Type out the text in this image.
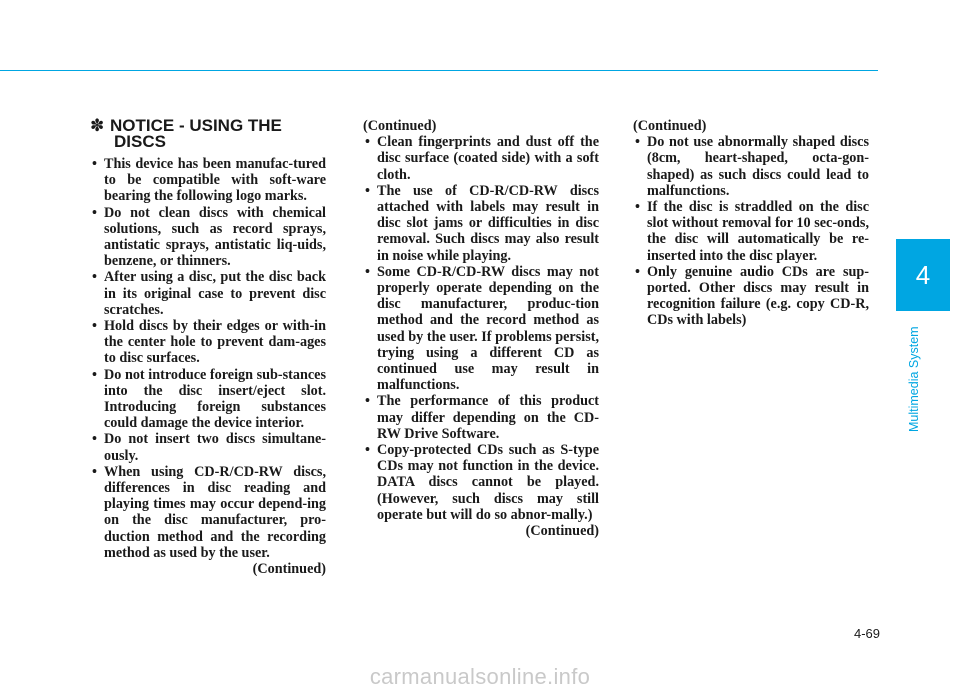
✽ NOTICE - USING THE DISCS
• This device has been manufac-tured to be compatible with soft-ware bearing the following logo marks.
• Do not clean discs with chemical solutions, such as record sprays, antistatic sprays, antistatic liq-uids, benzene, or thinners.
• After using a disc, put the disc back in its original case to prevent disc scratches.
• Hold discs by their edges or with-in the center hole to prevent dam-ages to disc surfaces.
• Do not introduce foreign sub-stances into the disc insert/eject slot. Introducing foreign substances could damage the device interior.
• Do not insert two discs simultane-ously.
• When using CD-R/CD-RW discs, differences in disc reading and playing times may occur depend-ing on the disc manufacturer, pro-duction method and the recording method as used by the user.
(Continued)
(Continued)
• Clean fingerprints and dust off the disc surface (coated side) with a soft cloth.
• The use of CD-R/CD-RW discs attached with labels may result in disc slot jams or difficulties in disc removal. Such discs may also result in noise while playing.
• Some CD-R/CD-RW discs may not properly operate depending on the disc manufacturer, produc-tion method and the record method as used by the user. If problems persist, trying using a different CD as continued use may result in malfunctions.
• The performance of this product may differ depending on the CD-RW Drive Software.
• Copy-protected CDs such as S-type CDs may not function in the device. DATA discs cannot be played. (However, such discs may still operate but will do so abnor-mally.)
(Continued)
(Continued)
• Do not use abnormally shaped discs (8cm, heart-shaped, octa-gon-shaped) as such discs could lead to malfunctions.
• If the disc is straddled on the disc slot without removal for 10 sec-onds, the disc will automatically be re-inserted into the disc player.
• Only genuine audio CDs are sup-ported. Other discs may result in recognition failure (e.g. copy CD-R, CDs with labels)
4
Multimedia System
4-69
carmanualsonline.info
